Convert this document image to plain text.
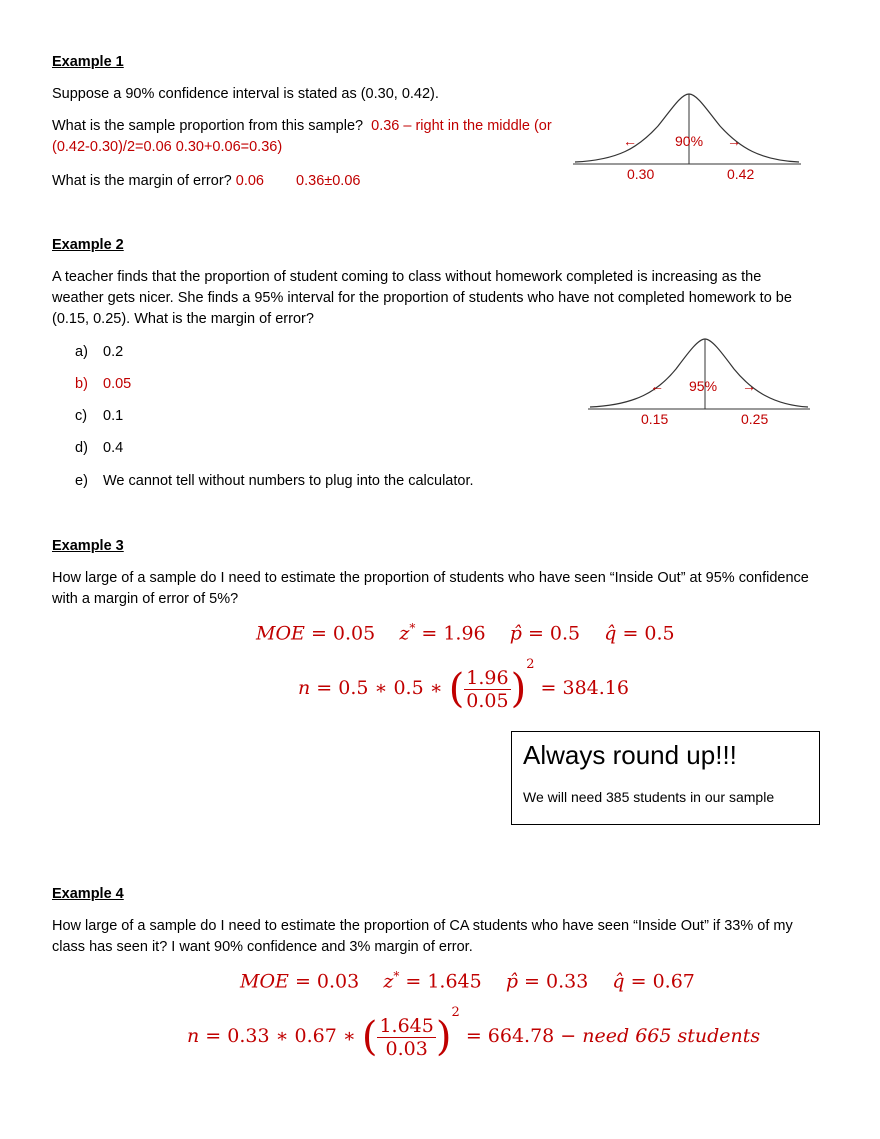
Example 1
Suppose a 90% confidence interval is stated as (0.30, 0.42).
What is the sample proportion from this sample? 0.36 – right in the middle (or
(0.42-0.30)/2=0.06 0.30+0.06=0.36)
What is the margin of error? 0.06 0.36±0.06
←	90% →
0.30	0.42
Example 2
A teacher finds that the proportion of student coming to class without homework completed is increasing as the
weather gets nicer. She finds a 95% interval for the proportion of students who have not completed homework to be
(0.15, 0.25). What is the margin of error?
a) 0.2
b) 0.05
c) 0.1
d) 0.4
e) We cannot tell without numbers to plug into the calculator.
← 95% →
0.15	0.25
Example 3
How large of a sample do I need to estimate the proportion of students who have seen “Inside Out” at 95% confidence
with a margin of error of 5%?
MOE = 0.05 z* = 1.96 p̂ = 0.5 q̂ = 0.5
n = 0.5 ∗ 0.5 ∗ ( $\frac{1.96}{0.05} )^2 = 384.16$
Always round up!!!
We will need 385 students in our sample
Example 4
How large of a sample do I need to estimate the proportion of CA students who have seen “Inside Out” if 33% of my
class has seen it? I want 90% confidence and 3% margin of error.
MOE = 0.03 z* = 1.645 p̂ = 0.33 q̂ = 0.67
n = 0.33 ∗ 0.67 ∗ ( $\frac{1.645}{0.03} )^2 = 664.78$ − need 665 students
